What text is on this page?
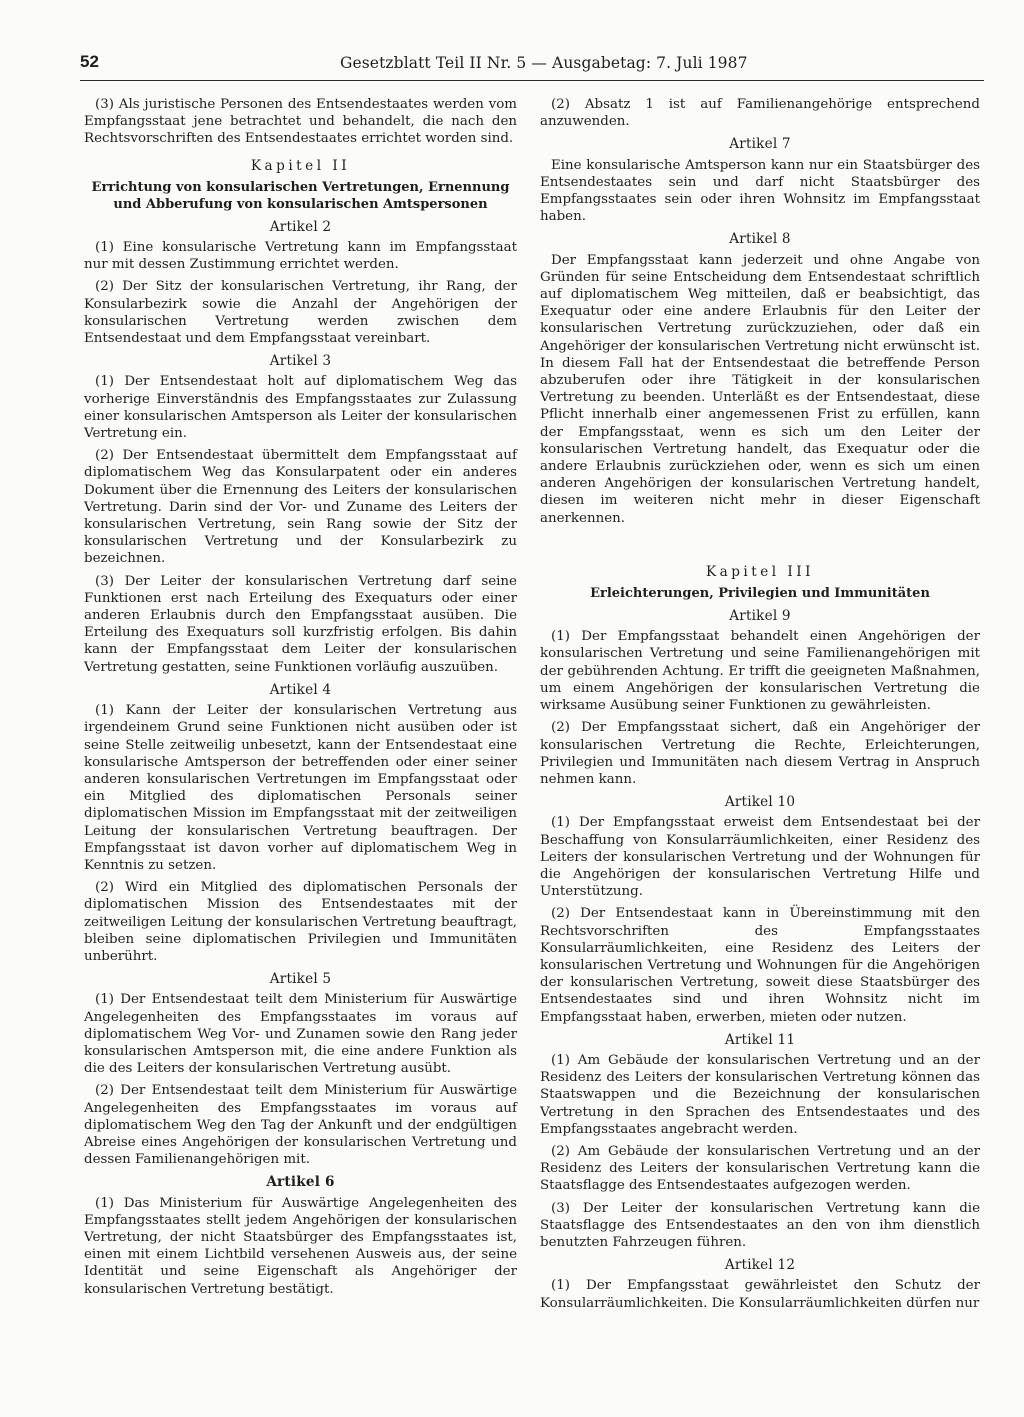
52	Gesetzblatt Teil II Nr. 5 — Ausgabetag: 7. Juli 1987

(3) Als juristische Personen des Entsendestaates werden vom Empfangsstaat jene betrachtet und behandelt, die nach den Rechtsvorschriften des Entsendestaates errichtet worden sind.

Kapitel II
Errichtung von konsularischen Vertretungen, Ernennung und Abberufung von konsularischen Amtspersonen
Artikel 2

(1) Eine konsularische Vertretung kann im Empfangsstaat nur mit dessen Zustimmung errichtet werden.

(2) Der Sitz der konsularischen Vertretung, ihr Rang, der Konsularbezirk sowie die Anzahl der Angehörigen der konsularischen Vertretung werden zwischen dem Entsendestaat und dem Empfangsstaat vereinbart.

Artikel 3

(1) Der Entsendestaat holt auf diplomatischem Weg das vorherige Einverständnis des Empfangsstaates zur Zulassung einer konsularischen Amtsperson als Leiter der konsularischen Vertretung ein.

(2) Der Entsendestaat übermittelt dem Empfangsstaat auf diplomatischem Weg das Konsularpatent oder ein anderes Dokument über die Ernennung des Leiters der konsularischen Vertretung. Darin sind der Vor- und Zuname des Leiters der konsularischen Vertretung, sein Rang sowie der Sitz der konsularischen Vertretung und der Konsularbezirk zu bezeichnen.

(3) Der Leiter der konsularischen Vertretung darf seine Funktionen erst nach Erteilung des Exequaturs oder einer anderen Erlaubnis durch den Empfangsstaat ausüben. Die Erteilung des Exequaturs soll kurzfristig erfolgen. Bis dahin kann der Empfangsstaat dem Leiter der konsularischen Vertretung gestatten, seine Funktionen vorläufig auszuüben.

Artikel 4

(1) Kann der Leiter der konsularischen Vertretung aus irgendeinem Grund seine Funktionen nicht ausüben oder ist seine Stelle zeitweilig unbesetzt, kann der Entsendestaat eine konsularische Amtsperson der betreffenden oder einer seiner anderen konsularischen Vertretungen im Empfangsstaat oder ein Mitglied des diplomatischen Personals seiner diplomatischen Mission im Empfangsstaat mit der zeitweiligen Leitung der konsularischen Vertretung beauftragen. Der Empfangsstaat ist davon vorher auf diplomatischem Weg in Kenntnis zu setzen.

(2) Wird ein Mitglied des diplomatischen Personals der diplomatischen Mission des Entsendestaates mit der zeitweiligen Leitung der konsularischen Vertretung beauftragt, bleiben seine diplomatischen Privilegien und Immunitäten unberührt.

Artikel 5

(1) Der Entsendestaat teilt dem Ministerium für Auswärtige Angelegenheiten des Empfangsstaates im voraus auf diplomatischem Weg Vor- und Zunamen sowie den Rang jeder konsularischen Amtsperson mit, die eine andere Funktion als die des Leiters der konsularischen Vertretung ausübt.

(2) Der Entsendestaat teilt dem Ministerium für Auswärtige Angelegenheiten des Empfangsstaates im voraus auf diplomatischem Weg den Tag der Ankunft und der endgültigen Abreise eines Angehörigen der konsularischen Vertretung und dessen Familienangehörigen mit.

Artikel 6

(1) Das Ministerium für Auswärtige Angelegenheiten des Empfangsstaates stellt jedem Angehörigen der konsularischen Vertretung, der nicht Staatsbürger des Empfangsstaates ist, einen mit einem Lichtbild versehenen Ausweis aus, der seine Identität und seine Eigenschaft als Angehöriger der konsularischen Vertretung bestätigt.

(2) Absatz 1 ist auf Familienangehörige entsprechend anzuwenden.

Artikel 7

Eine konsularische Amtsperson kann nur ein Staatsbürger des Entsendestaates sein und darf nicht Staatsbürger des Empfangsstaates sein oder ihren Wohnsitz im Empfangsstaat haben.

Artikel 8

Der Empfangsstaat kann jederzeit und ohne Angabe von Gründen für seine Entscheidung dem Entsendestaat schriftlich auf diplomatischem Weg mitteilen, daß er beabsichtigt, das Exequatur oder eine andere Erlaubnis für den Leiter der konsularischen Vertretung zurückzuziehen, oder daß ein Angehöriger der konsularischen Vertretung nicht erwünscht ist. In diesem Fall hat der Entsendestaat die betreffende Person abzuberufen oder ihre Tätigkeit in der konsularischen Vertretung zu beenden. Unterläßt es der Entsendestaat, diese Pflicht innerhalb einer angemessenen Frist zu erfüllen, kann der Empfangsstaat, wenn es sich um den Leiter der konsularischen Vertretung handelt, das Exequatur oder die andere Erlaubnis zurückziehen oder, wenn es sich um einen anderen Angehörigen der konsularischen Vertretung handelt, diesen im weiteren nicht mehr in dieser Eigenschaft anerkennen.

Kapitel III
Erleichterungen, Privilegien und Immunitäten
Artikel 9

(1) Der Empfangsstaat behandelt einen Angehörigen der konsularischen Vertretung und seine Familienangehörigen mit der gebührenden Achtung. Er trifft die geeigneten Maßnahmen, um einem Angehörigen der konsularischen Vertretung die wirksame Ausübung seiner Funktionen zu gewährleisten.

(2) Der Empfangsstaat sichert, daß ein Angehöriger der konsularischen Vertretung die Rechte, Erleichterungen, Privilegien und Immunitäten nach diesem Vertrag in Anspruch nehmen kann.

Artikel 10

(1) Der Empfangsstaat erweist dem Entsendestaat bei der Beschaffung von Konsularräumlichkeiten, einer Residenz des Leiters der konsularischen Vertretung und der Wohnungen für die Angehörigen der konsularischen Vertretung Hilfe und Unterstützung.

(2) Der Entsendestaat kann in Übereinstimmung mit den Rechtsvorschriften des Empfangsstaates Konsularräumlichkeiten, eine Residenz des Leiters der konsularischen Vertretung und Wohnungen für die Angehörigen der konsularischen Vertretung, soweit diese Staatsbürger des Entsendestaates sind und ihren Wohnsitz nicht im Empfangsstaat haben, erwerben, mieten oder nutzen.

Artikel 11

(1) Am Gebäude der konsularischen Vertretung und an der Residenz des Leiters der konsularischen Vertretung können das Staatswappen und die Bezeichnung der konsularischen Vertretung in den Sprachen des Entsendestaates und des Empfangsstaates angebracht werden.

(2) Am Gebäude der konsularischen Vertretung und an der Residenz des Leiters der konsularischen Vertretung kann die Staatsflagge des Entsendestaates aufgezogen werden.

(3) Der Leiter der konsularischen Vertretung kann die Staatsflagge des Entsendestaates an den von ihm dienstlich benutzten Fahrzeugen führen.

Artikel 12

(1) Der Empfangsstaat gewährleistet den Schutz der Konsularräumlichkeiten. Die Konsularräumlichkeiten dürfen nur
